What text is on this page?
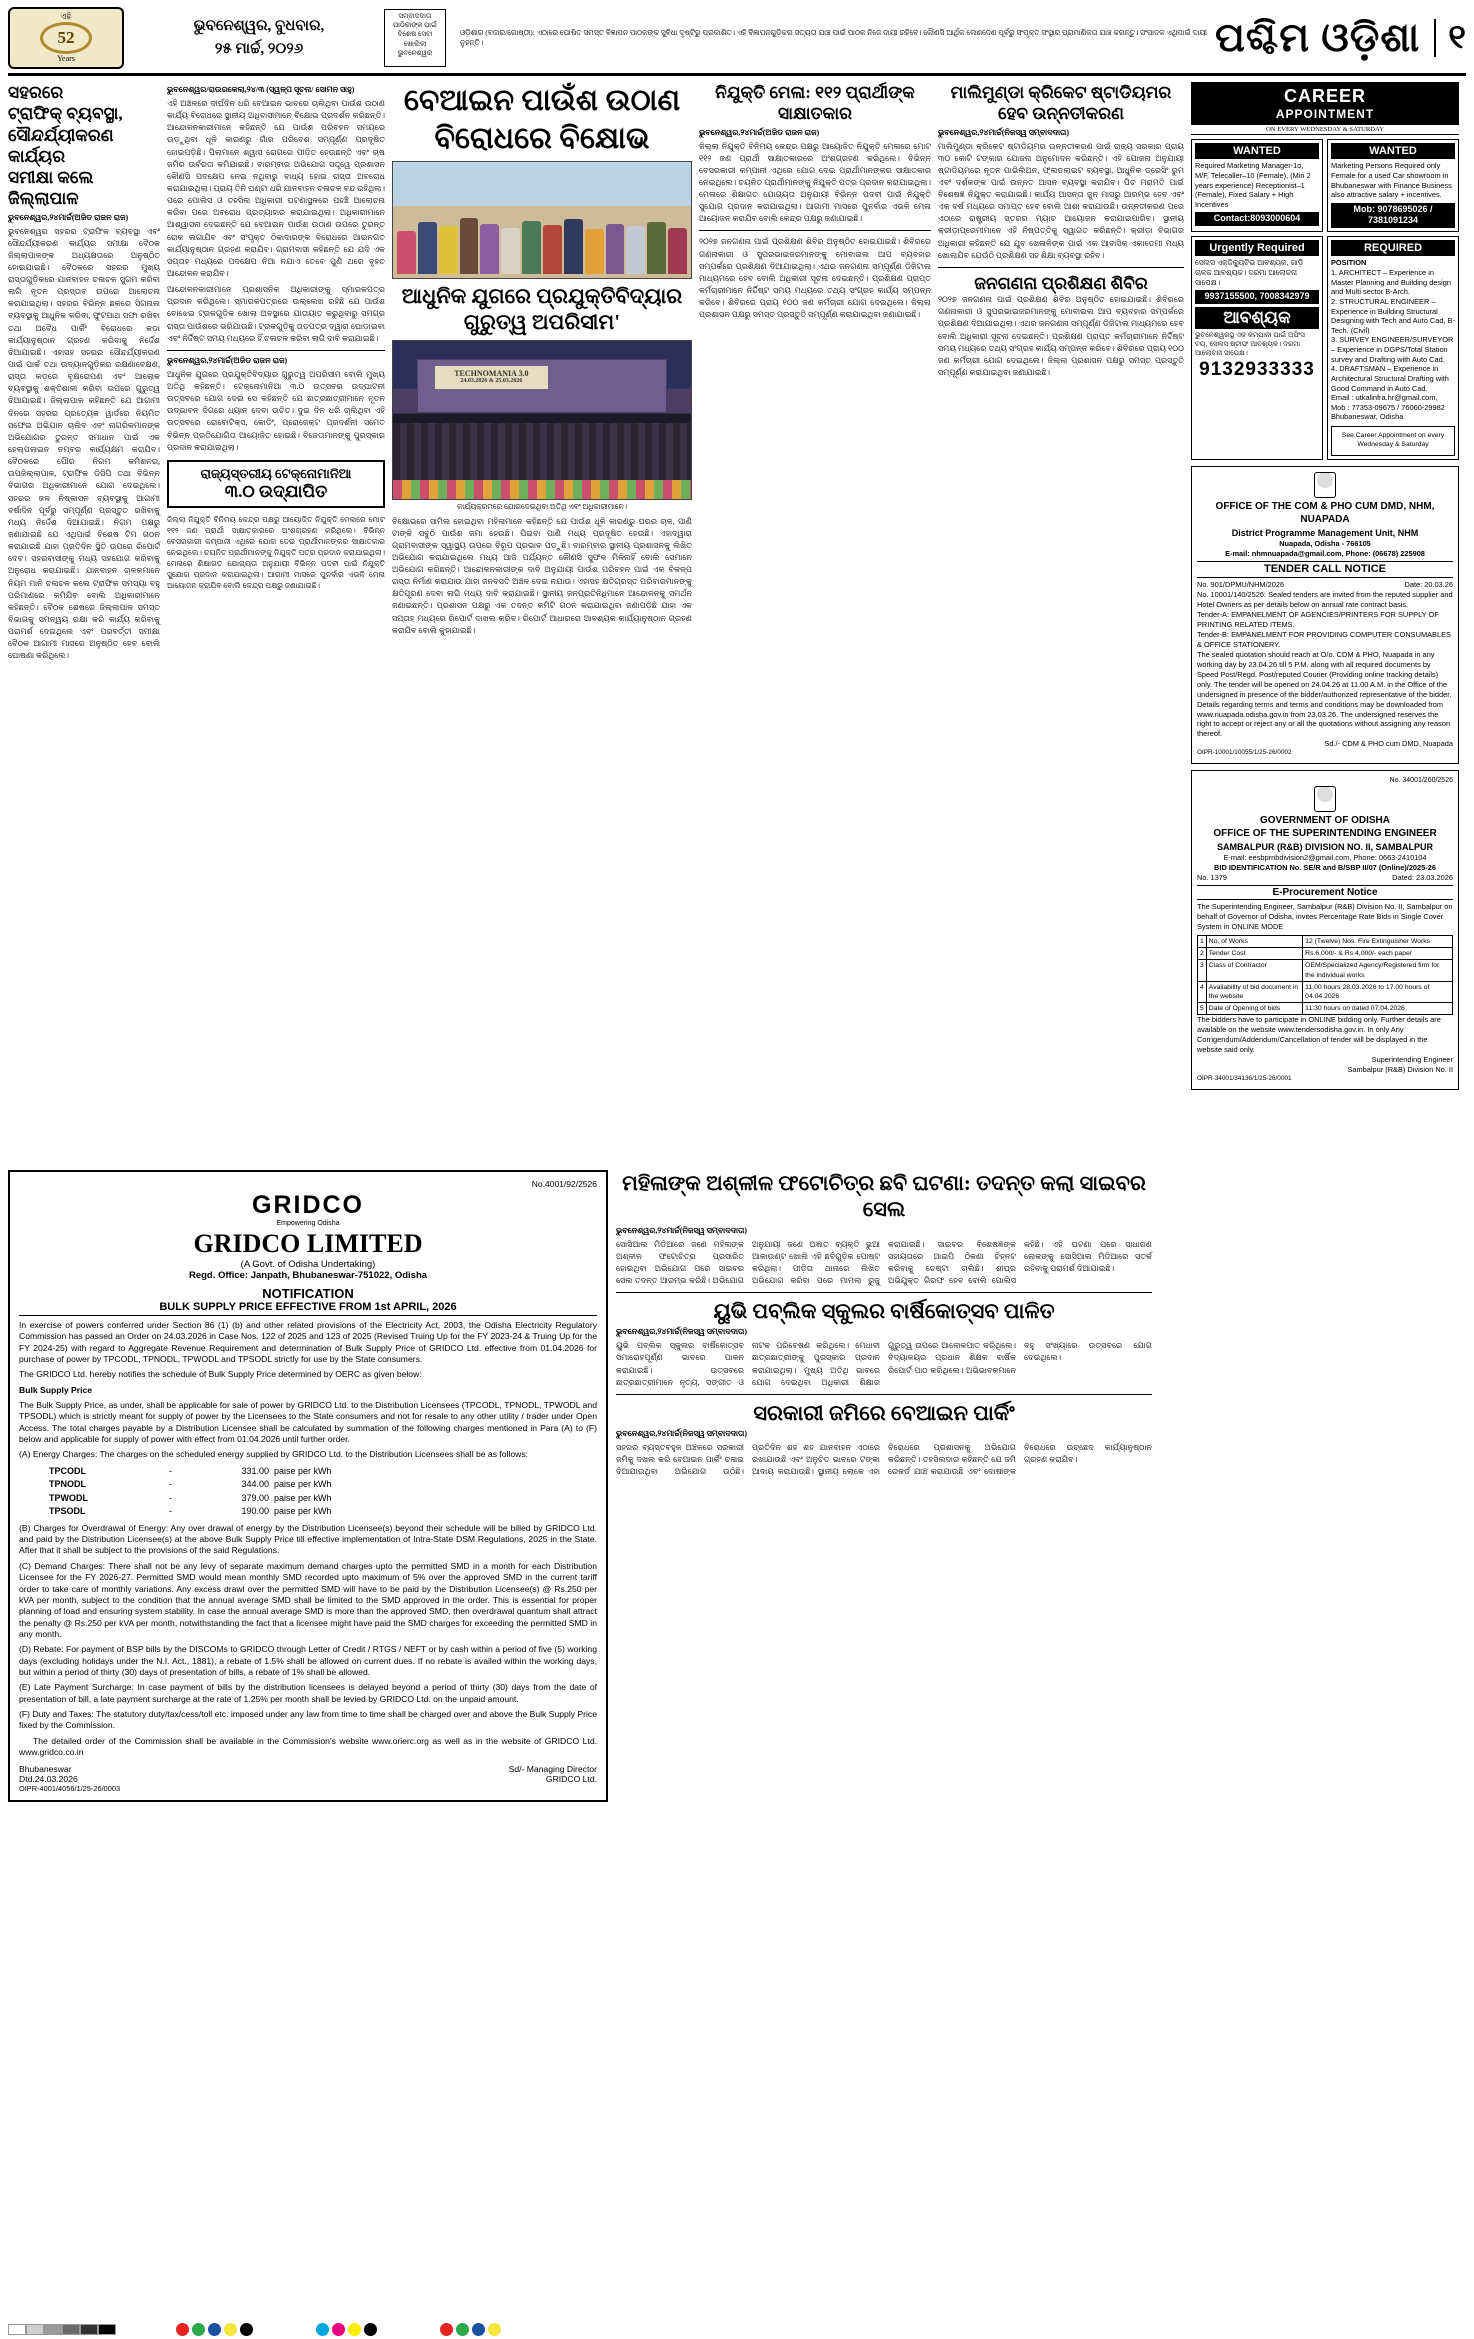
ଏହି
52
Years
ଭୁବନେଶ୍ୱର, ବୁଧବାର,
୨୫ ମାର୍ଚ୍ଚ, ୨୦୨୬
ସମ୍ବାଦଦାତା ପାଠିକାଙ୍କ ପାଇଁ ବିଶେଷ ସେବା ଖୋଲିଲା ଭୁବନେଶ୍ୱର
ଓଡ଼ିଶାର (ବଜାର/ଗୋଷ୍ଠୀ): ଏଠାରେ ଘୋଷିତ ସମସ୍ତ ବିଜ୍ଞାପନ ପାଠକଙ୍କ ସୁବିଧା ଦୃଷ୍ଟିରୁ ପ୍ରକାଶିତ। ଏହି ବିଜ୍ଞାପନଗୁଡ଼ିକର ସତ୍ୟତା ଯାଞ୍ଚ ପାଇଁ ପାଠକ ନିଜେ ଦାୟୀ ରହିବେ। କୌଣସି ଆର୍ଥିକ ଲେଣଦେଣ ପୂର୍ବରୁ ସଂପୃକ୍ତ ସଂସ୍ଥାର ପ୍ରାମାଣିକତା ଯାଞ୍ଚ କରନ୍ତୁ। ସଂପାଦକ ଏଥିପାଇଁ ଦାୟୀ ନୁହନ୍ତି।	ପଶ୍ଚିମ ଓଡ଼ିଶା ୧
ସହରରେ
ଟ୍ରାଫିକ୍ ବ୍ୟବସ୍ଥା,
ସୌନ୍ଦର୍ଯ୍ୟୀକରଣ କାର୍ଯ୍ୟର
ସମୀକ୍ଷା କଲେ ଜିଲ୍ଲାପାଳ
ଭୁବନେଶ୍ୱର,୨୪ମାର୍ଚ୍ଚ(ଅଜିଡ ରାଜନ ରାଜ)
ଭୁବନେଶ୍ୱର ସହରର ଟ୍ରାଫିକ ବ୍ୟବସ୍ଥା ଏବଂ ସୌନ୍ଦର୍ଯ୍ୟୀକରଣ କାର୍ଯ୍ୟର ସମୀକ୍ଷା ବୈଠକ ଜିଲ୍ଲାପାଳଙ୍କ ଅଧ୍ୟକ୍ଷତାରେ ଅନୁଷ୍ଠିତ ହୋଇଯାଇଛି। ବୈଠକରେ ସହରର ମୁଖ୍ୟ ରାସ୍ତାଗୁଡ଼ିକରେ ଯାନବାହନ ଚଳାଚଳ ସୁଗମ କରିବା ଲାଗି ନୂତନ ପ୍ରସ୍ତାବ ଉପରେ ଆଲୋଚନା କରାଯାଇଥିଲା। ସହରର ବିଭିନ୍ନ ଛକରେ ସିଗନାଲ ବ୍ୟବସ୍ଥାକୁ ଆଧୁନିକ କରିବା, ଫୁଟପାଥ ସଫା ରଖିବା ତଥା ଅବୈଧ ପାର୍କିଂ ବିରୋଧରେ କଡ଼ା କାର୍ଯ୍ୟାନୁଷ୍ଠାନ ଗ୍ରହଣ କରିବାକୁ ନିର୍ଦ୍ଦେଶ ଦିଆଯାଇଛି। ଏହାସହ ସହରର ସୌନ୍ଦର୍ଯ୍ୟୀକରଣ ପାଇଁ ପାର୍କ ତଥା ଉଦ୍ୟାନଗୁଡ଼ିକର ରକ୍ଷଣାବେକ୍ଷଣ, ରାସ୍ତା କଡ଼ରେ ବୃକ୍ଷରୋପଣ ଏବଂ ଆଲୋକ ବ୍ୟବସ୍ଥାକୁ ଶକ୍ତିଶାଳୀ କରିବା ଉପରେ ଗୁରୁତ୍ୱ ଦିଆଯାଇଛି। ଜିଲ୍ଲାପାଳ କହିଛନ୍ତି ଯେ ଆଗାମୀ ଦିନରେ ସହରର ପ୍ରତ୍ୟେକ ୱାର୍ଡରେ ନିୟମିତ ସଫେଇ ଅଭିଯାନ ଚାଲିବ ଏବଂ ନାଗରିକମାନଙ୍କ ଅଭିଯୋଗର ତୁରନ୍ତ ସମାଧାନ ପାଇଁ ଏକ ହେଲ୍ପଲାଇନ ନମ୍ବର କାର୍ଯ୍ୟକ୍ଷମ କରାଯିବ। ବୈଠକରେ ପୌର ନିଗମ କମିଶନର, ଉପଜିଲ୍ଲାପାଳ, ଟ୍ରାଫିକ ଡିସିପି ତଥା ବିଭିନ୍ନ ବିଭାଗର ଅଧିକାରୀମାନେ ଯୋଗ ଦେଇଥିଲେ। ସହରର ଜଳ ନିଷ୍କାସନ ବ୍ୟବସ୍ଥାକୁ ଆଗାମୀ ବର୍ଷାଦିନ ପୂର୍ବରୁ ସମ୍ପୂର୍ଣ୍ଣ ପ୍ରସ୍ତୁତ ରଖିବାକୁ ମଧ୍ୟ ନିର୍ଦ୍ଦେଶ ଦିଆଯାଇଛି। ନିଗମ ପକ୍ଷରୁ ଜଣାଯାଇଛି ଯେ ଏଥିପାଇଁ ବିଶେଷ ଟିମ ଗଠନ କରାଯାଇଛି ଯାହା ପ୍ରତିଦିନ ସ୍ଥିତି ଉପରେ ରିପୋର୍ଟ ଦେବ। ସହରବାସୀଙ୍କୁ ମଧ୍ୟ ସହଯୋଗ କରିବାକୁ ଅନୁରୋଧ କରାଯାଇଛି। ଯାନବାହନ ଚାଳକମାନେ ନିୟମ ମାନି ଚଳାଚଳ କଲେ ଟ୍ରାଫିକ ସମସ୍ୟା ବହୁ ପରିମାଣରେ କମିଯିବ ବୋଲି ଅଧିକାରୀମାନେ କହିଛନ୍ତି। ବୈଠକ ଶେଷରେ ଜିଲ୍ଲାପାଳ ସମସ୍ତ ବିଭାଗକୁ ସମନ୍ୱୟ ରକ୍ଷା କରି କାର୍ଯ୍ୟ କରିବାକୁ ପରାମର୍ଶ ଦେଇଥିଲେ ଏବଂ ପରବର୍ତ୍ତୀ ସମୀକ୍ଷା ବୈଠକ ଆଗାମୀ ମାସରେ ଅନୁଷ୍ଠିତ ହେବ ବୋଲି ଘୋଷଣା କରିଥିଲେ।
ଭୁବନେଶ୍ୱର/ରାଉରକେଲା,୨୪/୩ (ସ୍ୱଳ୍ପ ସୂଚନା/ ସୋମନ ସାହୁ)
ଏହି ଅଞ୍ଚଳରେ ଦୀର୍ଘଦିନ ଧରି ବେଆଇନ ଭାବରେ ଚାଲିଥିବା ପାଉଁଶ ଉଠାଣ କାର୍ଯ୍ୟ ବିରୋଧରେ ସ୍ଥାନୀୟ ଅଧିବାସୀମାନେ ବିକ୍ଷୋଭ ପ୍ରଦର୍ଶନ କରିଛନ୍ତି। ଆନ୍ଦୋଳନକାରୀମାନେ କହିଛନ୍ତି ଯେ ପାଉଁଶ ପରିବହନ ସମୟରେ ଉଡ଼ୁଥିବା ଧୂଳି କାରଣରୁ ଗାଁର ପରିବେଶ ସମ୍ପୂର୍ଣ୍ଣ ପ୍ରଦୂଷିତ ହୋଇପଡ଼ିଛି। ପିଲାମାନେ ଶ୍ୱାସ ରୋଗରେ ପୀଡ଼ିତ ହେଉଛନ୍ତି ଏବଂ ଚାଷ ଜମିର ଉର୍ବରତା କମିଯାଇଛି। ବାରମ୍ବାର ଅଭିଯୋଗ ସତ୍ତ୍ୱେ ପ୍ରଶାସନ କୌଣସି ପଦକ୍ଷେପ ନେଇ ନଥିବାରୁ ବାଧ୍ୟ ହୋଇ ରାସ୍ତା ଅବରୋଧ କରାଯାଇଥିଲା। ପ୍ରାୟ ତିନି ଘଣ୍ଟା ଧରି ଯାନବାହନ ଚଳାଚଳ ବନ୍ଦ ରହିଥିଲା। ପରେ ପୋଲିସ ଓ ତହସିଲ ଅଧିକାରୀ ଘଟଣାସ୍ଥଳରେ ପହଞ୍ଚି ଆଲୋଚନା କରିବା ପରେ ଅବରୋଧ ପ୍ରତ୍ୟାହାର କରାଯାଇଥିଲା। ଅଧିକାରୀମାନେ ଆଶ୍ୱାସନା ଦେଇଛନ୍ତି ଯେ ବେଆଇନ ପାଉଁଶ ଉଠାଣ ଉପରେ ତୁରନ୍ତ ରୋକ ଲଗାଯିବ ଏବଂ ସଂପୃକ୍ତ ଠିକାଦାରଙ୍କ ବିରୋଧରେ ଆଇନଗତ କାର୍ଯ୍ୟାନୁଷ୍ଠାନ ଗ୍ରହଣ କରାଯିବ। ଗ୍ରାମବାସୀ କହିଛନ୍ତି ଯେ ଯଦି ଏକ ସପ୍ତାହ ମଧ୍ୟରେ ପଦକ୍ଷେପ ନିଆ ନଯାଏ ତେବେ ପୁଣି ଥରେ ବୃହତ ଆନ୍ଦୋଳନ କରାଯିବ।
ଆନ୍ଦୋଳନକାରୀମାନେ ପ୍ରଶାସନିକ ଅଧିକାରୀଙ୍କୁ ସ୍ମାରକପତ୍ର ପ୍ରଦାନ କରିଥିଲେ। ସ୍ମାରକପତ୍ରରେ ଉଲ୍ଲେଖ ରହିଛି ଯେ ପାଉଁଶ ବୋଝେଇ ଟ୍ରକଗୁଡ଼ିକ ଖୋଲା ଅବସ୍ଥାରେ ଯାତାୟାତ କରୁଥିବାରୁ ସମଗ୍ର ରାସ୍ତା ପାଉଁଶରେ ଭରିଯାଉଛି। ଟ୍ରକଗୁଡ଼ିକୁ ତାଡ଼ପତ୍ର ଦ୍ୱାରା ଘୋଡ଼ାଇବା ଏବଂ ନିର୍ଦ୍ଦିଷ୍ଟ ସମୟ ମଧ୍ୟରେ ହିଁ ଚଳାଚଳ କରିବା ଲାଗି ଦାବି କରାଯାଇଛି।
ଭୁବନେଶ୍ୱର,୨୪ମାର୍ଚ୍ଚ(ଅଜିଡ ରାଜନ ରାଜ)
ଆଧୁନିକ ଯୁଗରେ ପ୍ରଯୁକ୍ତିବିଦ୍ୟାର ଗୁରୁତ୍ୱ ଅପରିସୀମ ବୋଲି ମୁଖ୍ୟ ଅତିଥି କହିଛନ୍ତି। ଟେକ୍ନୋମାନିଆ ୩.୦ ଉତ୍ସବର ଉଦ୍‌ଘାଟନୀ ଉତ୍ସବରେ ଯୋଗ ଦେଇ ସେ କହିଛନ୍ତି ଯେ ଛାତ୍ରଛାତ୍ରୀମାନେ ନୂତନ ଉଦ୍ଭାବନ ଦିଗରେ ଧ୍ୟାନ ଦେବା ଉଚିତ। ଦୁଇ ଦିନ ଧରି ଚାଲିଥିବା ଏହି ଉତ୍ସବରେ ରୋବୋଟିକ୍ସ, କୋଡିଂ, ପ୍ରୋଜେକ୍ଟ ପ୍ରଦର୍ଶନୀ ସମେତ ବିଭିନ୍ନ ପ୍ରତିଯୋଗିତା ଆୟୋଜିତ ହୋଇଛି। ବିଜେତାମାନଙ୍କୁ ପୁରସ୍କାର ପ୍ରଦାନ କରାଯାଇଥିଲା।
ରାଜ୍ୟସ୍ତରୀୟ ଟେକ୍ନୋମାନିଆ
୩.୦ ଉଦ୍‌ଯାପିତ
ଜିଲ୍ଲା ନିଯୁକ୍ତି ବିନିମୟ କେନ୍ଦ୍ର ପକ୍ଷରୁ ଆୟୋଜିତ ନିଯୁକ୍ତି ମେଳାରେ ମୋଟ ୧୧୨ ଜଣ ପ୍ରାର୍ଥୀ ସାକ୍ଷାତକାରରେ ଅଂଶଗ୍ରହଣ କରିଥିଲେ। ବିଭିନ୍ନ ବେସରକାରୀ କମ୍ପାନୀ ଏଥିରେ ଯୋଗ ଦେଇ ପ୍ରାର୍ଥୀମାନଙ୍କର ସାକ୍ଷାତକାର ନେଇଥିଲେ। ଚୟନିତ ପ୍ରାର୍ଥୀମାନଙ୍କୁ ନିଯୁକ୍ତି ପତ୍ର ପ୍ରଦାନ କରାଯାଇଥିଲା। ମେଳାରେ ଶିକ୍ଷାଗତ ଯୋଗ୍ୟତା ଅନୁଯାୟୀ ବିଭିନ୍ନ ପଦବୀ ପାଇଁ ନିଯୁକ୍ତି ସୁଯୋଗ ପ୍ରଦାନ କରାଯାଇଥିଲା। ଆଗାମୀ ମାସରେ ପୁନର୍ବାର ଏଭଳି ମେଳା ଆୟୋଜନ କରାଯିବ ବୋଲି କେନ୍ଦ୍ର ପକ୍ଷରୁ ଜଣାଯାଇଛି।
ବେଆଇନ ପାଉଁଶ ଉଠାଣ ବିରୋଧରେ ବିକ୍ଷୋଭ
ଆଧୁନିକ ଯୁଗରେ ପ୍ରଯୁକ୍ତିବିଦ୍ୟାର ଗୁରୁତ୍ୱ ଅପରିସୀମ'
TECHNOMANIA 3.0
24.03.2026 & 25.03.2026
କାର୍ଯ୍ୟକ୍ରମରେ ଯୋଗଦେଇଥିବା ଅତିଥି ଏବଂ ଅଧିକାରୀମାନେ।
ବିକ୍ଷୋଭରେ ସାମିଲ ହୋଇଥିବା ମହିଳାମାନେ କହିଛନ୍ତି ଯେ ପାଉଁଶ ଧୂଳି କାରଣରୁ ଘରର ଚାଳ, ପାଣି ଟାଙ୍କି ସବୁଠି ପାଉଁଶ ଜମା ହେଉଛି। ପିଇବା ପାଣି ମଧ୍ୟ ପ୍ରଦୂଷିତ ହେଉଛି। ଏହାଦ୍ୱାରା ଗ୍ରାମବାସୀଙ୍କ ସ୍ୱାସ୍ଥ୍ୟ ଉପରେ ବିରୂପ ପ୍ରଭାବ ପଡ଼ୁଛି। ବାରମ୍ବାର ସ୍ଥାନୀୟ ପ୍ରଶାସନକୁ ଲିଖିତ ଅଭିଯୋଗ କରାଯାଇଥିଲେ ମଧ୍ୟ ଆଜି ପର୍ଯ୍ୟନ୍ତ କୌଣସି ସୁଫଳ ମିଳିନାହିଁ ବୋଲି ସେମାନେ ଅଭିଯୋଗ କରିଛନ୍ତି। ଆନ୍ଦୋଳନକାରୀଙ୍କ ଦାବି ଅନୁଯାୟୀ ପାଉଁଶ ପରିବହନ ପାଇଁ ଏକ ବିକଳ୍ପ ରାସ୍ତା ନିର୍ମାଣ କରାଯାଉ ଯାହା ଜନବସତି ଅଞ୍ଚଳ ଦେଇ ନଯାଉ। ଏହାସହ କ୍ଷତିଗ୍ରସ୍ତ ପରିବାରମାନଙ୍କୁ କ୍ଷତିପୂରଣ ଦେବା ଲାଗି ମଧ୍ୟ ଦାବି କରାଯାଇଛି। ସ୍ଥାନୀୟ ଜନପ୍ରତିନିଧିମାନେ ଆନ୍ଦୋଳନକୁ ସମର୍ଥନ ଜଣାଇଛନ୍ତି। ପ୍ରଶାସନ ପକ୍ଷରୁ ଏକ ତଦନ୍ତ କମିଟି ଗଠନ କରାଯାଇଥିବା ଜଣାପଡ଼ିଛି ଯାହା ଏକ ସପ୍ତାହ ମଧ୍ୟରେ ରିପୋର୍ଟ ଦାଖଲ କରିବ। ରିପୋର୍ଟ ଆଧାରରେ ଆବଶ୍ୟକ କାର୍ଯ୍ୟାନୁଷ୍ଠାନ ଗ୍ରହଣ କରାଯିବ ବୋଲି କୁହାଯାଇଛି।
ନିଯୁକ୍ତି ମେଳା: ୧୧୨ ପ୍ରାର୍ଥୀଙ୍କ ସାକ୍ଷାତକାର
ଭୁବନେଶ୍ୱର,୨୪ମାର୍ଚ୍ଚ(ଅଜିଡ ରାଜନ ରାଜ)
ଜିଲ୍ଲା ନିଯୁକ୍ତି ବିନିମୟ କେନ୍ଦ୍ର ପକ୍ଷରୁ ଆୟୋଜିତ ନିଯୁକ୍ତି ମେଳାରେ ମୋଟ ୧୧୨ ଜଣ ପ୍ରାର୍ଥୀ ସାକ୍ଷାତକାରରେ ଅଂଶଗ୍ରହଣ କରିଥିଲେ। ବିଭିନ୍ନ ବେସରକାରୀ କମ୍ପାନୀ ଏଥିରେ ଯୋଗ ଦେଇ ପ୍ରାର୍ଥୀମାନଙ୍କର ସାକ୍ଷାତକାର ନେଇଥିଲେ। ଚୟନିତ ପ୍ରାର୍ଥୀମାନଙ୍କୁ ନିଯୁକ୍ତି ପତ୍ର ପ୍ରଦାନ କରାଯାଇଥିଲା। ମେଳାରେ ଶିକ୍ଷାଗତ ଯୋଗ୍ୟତା ଅନୁଯାୟୀ ବିଭିନ୍ନ ପଦବୀ ପାଇଁ ନିଯୁକ୍ତି ସୁଯୋଗ ପ୍ରଦାନ କରାଯାଇଥିଲା। ଆଗାମୀ ମାସରେ ପୁନର୍ବାର ଏଭଳି ମେଳା ଆୟୋଜନ କରାଯିବ ବୋଲି କେନ୍ଦ୍ର ପକ୍ଷରୁ ଜଣାଯାଇଛି।
୨୦୨୭ ଜନଗଣନା ପାଇଁ ପ୍ରଶିକ୍ଷଣ ଶିବିର ଅନୁଷ୍ଠିତ ହୋଇଯାଇଛି। ଶିବିରରେ ଗଣନାକାରୀ ଓ ସୁପରଭାଇଜରମାନଙ୍କୁ ମୋବାଇଲ ଆପ ବ୍ୟବହାର ସମ୍ପର୍କରେ ପ୍ରଶିକ୍ଷଣ ଦିଆଯାଇଥିଲା। ଏଥର ଜନଗଣନା ସମ୍ପୂର୍ଣ୍ଣ ଡିଜିଟାଲ ମାଧ୍ୟମରେ ହେବ ବୋଲି ଅଧିକାରୀ ସୂଚନା ଦେଇଛନ୍ତି। ପ୍ରଶିକ୍ଷଣ ପ୍ରାପ୍ତ କର୍ମଚାରୀମାନେ ନିର୍ଦ୍ଦିଷ୍ଟ ସମୟ ମଧ୍ୟରେ ତଥ୍ୟ ସଂଗ୍ରହ କାର୍ଯ୍ୟ ସମ୍ପନ୍ନ କରିବେ। ଶିବିରରେ ପ୍ରାୟ ୧୦୦ ଜଣ କର୍ମଚାରୀ ଯୋଗ ଦେଇଥିଲେ। ଜିଲ୍ଲା ପ୍ରଶାସନ ପକ୍ଷରୁ ସମସ୍ତ ପ୍ରସ୍ତୁତି ସମ୍ପୂର୍ଣ୍ଣ କରାଯାଇଥିବା ଜଣାଯାଇଛି।
ମାଲିମୁଣ୍ଡା କ୍ରିକେଟ ଷ୍ଟାଡିୟମର ହେବ ଉନ୍ନତୀକରଣ
ଭୁବନେଶ୍ୱର,୨୪ମାର୍ଚ୍ଚ(ନିଜସ୍ୱ ସମ୍ବାଦଦାତା)
ମାଲିମୁଣ୍ଡା କ୍ରିକେଟ ଷ୍ଟାଡିୟମର ଉନ୍ନତୀକରଣ ପାଇଁ ରାଜ୍ୟ ସରକାର ପ୍ରାୟ ୩୦ କୋଟି ଟଙ୍କାର ଯୋଜନା ଅନୁମୋଦନ କରିଛନ୍ତି। ଏହି ଯୋଜନା ଅନୁଯାୟୀ ଷ୍ଟାଡିୟମରେ ନୂତନ ପାଭିଲିଅନ, ଫ୍ଲଡଲାଇଟ ବ୍ୟବସ୍ଥା, ଆଧୁନିକ ଡ୍ରେସିଂ ରୁମ ଏବଂ ଦର୍ଶକଙ୍କ ପାଇଁ ଉନ୍ନତ ଆସନ ବ୍ୟବସ୍ଥା କରାଯିବ। ପିଚ ମରାମତି ପାଇଁ ବିଶେଷଜ୍ଞ ନିଯୁକ୍ତ କରାଯାଇଛି। କାର୍ଯ୍ୟ ଆସନ୍ତା ଜୁନ ମାସରୁ ଆରମ୍ଭ ହେବ ଏବଂ ଏକ ବର୍ଷ ମଧ୍ୟରେ ସମାପ୍ତ ହେବ ବୋଲି ଆଶା କରାଯାଉଛି। ଉନ୍ନତୀକରଣ ପରେ ଏଠାରେ ରାଷ୍ଟ୍ରୀୟ ସ୍ତରର ମ୍ୟାଚ ଆୟୋଜନ କରାଯାଇପାରିବ। ସ୍ଥାନୀୟ କ୍ରୀଡ଼ାପ୍ରେମୀମାନେ ଏହି ନିଷ୍ପତ୍ତିକୁ ସ୍ୱାଗତ କରିଛନ୍ତି। କ୍ରୀଡ଼ା ବିଭାଗର ଅଧିକାରୀ କହିଛନ୍ତି ଯେ ଯୁବ ଖେଳାଳିଙ୍କ ପାଇଁ ଏକ ଆବାସିକ ଏକାଡେମୀ ମଧ୍ୟ ଖୋଲାଯିବ ଯେଉଁଠି ପ୍ରଶିକ୍ଷଣ ସହ ଶିକ୍ଷା ବ୍ୟବସ୍ଥା ରହିବ।
ଜନଗଣନା ପ୍ରଶିକ୍ଷଣ ଶିବିର
୨୦୨୭ ଜନଗଣନା ପାଇଁ ପ୍ରଶିକ୍ଷଣ ଶିବିର ଅନୁଷ୍ଠିତ ହୋଇଯାଇଛି। ଶିବିରରେ ଗଣନାକାରୀ ଓ ସୁପରଭାଇଜରମାନଙ୍କୁ ମୋବାଇଲ ଆପ ବ୍ୟବହାର ସମ୍ପର୍କରେ ପ୍ରଶିକ୍ଷଣ ଦିଆଯାଇଥିଲା। ଏଥର ଜନଗଣନା ସମ୍ପୂର୍ଣ୍ଣ ଡିଜିଟାଲ ମାଧ୍ୟମରେ ହେବ ବୋଲି ଅଧିକାରୀ ସୂଚନା ଦେଇଛନ୍ତି। ପ୍ରଶିକ୍ଷଣ ପ୍ରାପ୍ତ କର୍ମଚାରୀମାନେ ନିର୍ଦ୍ଦିଷ୍ଟ ସମୟ ମଧ୍ୟରେ ତଥ୍ୟ ସଂଗ୍ରହ କାର୍ଯ୍ୟ ସମ୍ପନ୍ନ କରିବେ। ଶିବିରରେ ପ୍ରାୟ ୧୦୦ ଜଣ କର୍ମଚାରୀ ଯୋଗ ଦେଇଥିଲେ। ଜିଲ୍ଲା ପ୍ରଶାସନ ପକ୍ଷରୁ ସମସ୍ତ ପ୍ରସ୍ତୁତି ସମ୍ପୂର୍ଣ୍ଣ କରାଯାଇଥିବା ଜଣାଯାଇଛି।
CAREER
APPOINTMENT
ON EVERY WEDNESDAY & SATURDAY
WANTED
Required Marketing Manager-1o, M/F, Telecaller–10 (Female), (Min 2 years experience) Receptionist–1 (Female), Fixed Salary + High Incentives
Contact:8093000604
WANTED
Marketing Persons Required only Female for a used Car showroom in Bhubaneswar with Finance Business also attractive salary + incentives.
Mob: 9078695026 / 7381091234
Urgently Required
ସେଲସ ଏକ୍ଜିକ୍ୟୁଟିଭ ଆବଶ୍ୟକ, ଗାଡ଼ି ଚାଳକ ଆବଶ୍ୟକ। ଦରମା ଆଲୋଚନା ସାପେକ୍ଷ।
9937155500, 7008342979
ଆବଶ୍ୟକ
ଭୁବନେଶ୍ୱରସ୍ଥ ଏକ କମ୍ପାନୀ ପାଇଁ ଅଫିସ ବୟ, ସେଲସ ଷ୍ଟାଫ ଆବଶ୍ୟକ। ଦରମା ଆଲୋଚନା ସାପେକ୍ଷ।
9132933333
REQUIRED
POSITION
1. ARCHITECT – Experience in Master Planning and Building design and Multi sector B-Arch.
2. STRUCTURAL ENGINEER – Experience in Building Structural Designing with Tech and Auto Cad, B-Tech. (Civil)
3. SURVEY ENGINEER/SURVEYOR – Experience in DGPS/Total Station survey and Drafting with Auto Cad.
4. DRAFTSMAN – Experience in Architectural Structural Drafting with Good Command in Auto Cad.
Email : utkalinfra.hr@gmail.com,
Mob : 77353-09675 / 76060-29982
Bhubaneswar, Odisha
See Career Appointment on every Wednesday & Saturday
OFFICE OF THE COM & PHO CUM DMD, NHM, NUAPADA
District Programme Management Unit, NHM
Nuapada, Odisha - 766105
E-mail: nhmnuapada@gmail.com, Phone: (06678) 225908
TENDER CALL NOTICE
No. 901/DPMU/NHM/2026	Date: 20.03.26
No. 10001/140/2526: Sealed tenders are invited from the reputed supplier and Hotel Owners as per details below on annual rate contract basis.
Tender-A: EMPANELMENT OF AGENCIES/PRINTERS FOR SUPPLY OF PRINTING RELATED ITEMS.
Tender-B: EMPANELMENT FOR PROVIDING COMPUTER CONSUMABLES & OFFICE STATIONERY.
The sealed quotation should reach at O/o. CDM & PHO, Nuapada in any working day by 23.04.26 till 5 P.M. along with all required documents by Speed Post/Regd. Post/reputed Courier (Providing online tracking details) only. The tender will be opened on 24.04.26 at 11.00 A.M. in the Office of the undersigned in presence of the bidder/authorized representative of the bidder. Details regarding terms and terms and conditions may be downloaded from www.nuapada.odisha.gov.in from 23.03.26. The undersigned reserves the right to accept or reject any or all the quotations without assigning any reason thereof.
Sd./- CDM & PHO cum DMD, Nuapada
OIPR-10001/10055/1/25-26/0002
No. 34001/260/2526
GOVERNMENT OF ODISHA
OFFICE OF THE SUPERINTENDING ENGINEER
SAMBALPUR (R&B) DIVISION NO. II, SAMBALPUR
E-mail: eesbprnbdivision2@gmail.com, Phone: 0663-2410104
BID IDENTIFICATION No. SE/R and B/SBP II/07 (Online)/2025-26
No. 1379	Dated: 23.03.2026
E-Procurement Notice
The Superintending Engineer, Sambalpur (R&B) Division No. II, Sambalpur on behalf of Governor of Odisha, invites Percentage Rate Bids in Single Cover System in ONLINE MODE
1	No. of Works	12 (Twelve) Nos. Fire Extinguisher Works
2	Tender Cost	Rs.6,000/- & Rs.4,000/- each paper
3	Class of Contractor	OEM/Specialized Agency/Registered firm for the individual works
4	Availability of bid document in the website	11.00 hours 28.03.2026 to 17.00 hours of 04.04.2026
5	Date of Opening of bids	11.30 hours on dated 07.04.2026
The bidders have to participate in ONLINE bidding only. Further details are available on the website www.tendersodisha.gov.in. In only Any Corrigendum/Addendum/Cancellation of tender will be displayed in the website said only.
Superintending Engineer
Sambalpur (R&B) Division No. II
OIPR-34001/34136/1/25-26/0001
No.4001/92/2526
GRIDCO
Empowering Odisha
GRIDCO LIMITED
(A Govt. of Odisha Undertaking)
Regd. Office: Janpath, Bhubaneswar-751022, Odisha
NOTIFICATION
BULK SUPPLY PRICE EFFECTIVE FROM 1st APRIL, 2026

In exercise of powers conferred under Section 86 (1) (b) and other related provisions of the Electricity Act, 2003, the Odisha Electricity Regulatory Commission has passed an Order on 24.03.2026 in Case Nos. 122 of 2025 and 123 of 2025 (Revised Truing Up for the FY 2023-24 & Truing Up for the FY 2024-25) with regard to Aggregate Revenue Requirement and determination of Bulk Supply Price of GRIDCO Ltd. effective from 01.04.2026 for purchase of power by TPCODL, TPNODL, TPWODL and TPSODL strictly for use by the State consumers.

The GRIDCO Ltd. hereby notifies the schedule of Bulk Supply Price determined by OERC as given below:

Bulk Supply Price

The Bulk Supply Price, as under, shall be applicable for sale of power by GRIDCO Ltd. to the Distribution Licensees (TPCODL, TPNODL, TPWODL and TPSODL) which is strictly meant for supply of power by the Licensees to the State consumers and not for resale to any other utility / trader under Open Access. The total charges payable by a Distribution Licensee shall be calculated by summation of the following charges mentioned in Para (A) to (F) below and applicable for supply of power with effect from 01.04.2026 until further order.

(A) Energy Charges: The charges on the scheduled energy supplied by GRIDCO Ltd. to the Distribution Licensees shall be as follows:

TPCODL	-	331.00 paise per kWh
TPNODL	-	344.00 paise per kWh
TPWODL	-	379.00 paise per kWh
TPSODL	-	190.00 paise per kWh

(B) Charges for Overdrawal of Energy: Any over drawal of energy by the Distribution Licensee(s) beyond their schedule will be billed by GRIDCO Ltd. and paid by the Distribution Licensee(s) at the above Bulk Supply Price till effective implementation of Intra-State DSM Regulations, 2025 in the State. After that it shall be subject to the provisions of the said Regulations.

(C) Demand Charges: There shall not be any levy of separate maximum demand charges upto the permitted SMD in a month for each Distribution Licensee for the FY 2026-27. Permitted SMD would mean monthly SMD recorded upto maximum of 5% over the approved SMD in the current tariff order to take care of monthly variations. Any excess drawl over the permitted SMD will have to be paid by the Distribution Licensee(s) @ Rs.250 per kVA per month, subject to the condition that the annual average SMD shall be limited to the SMD approved in the order. This is essential for proper planning of load and ensuring system stability. In case the annual average SMD is more than the approved SMD, then overdrawal quantum shall attract the penalty @ Rs.250 per kVA per month, notwithstanding the fact that a licensee might have paid the SMD charges for exceeding the permitted SMD in any month.

(D) Rebate: For payment of BSP bills by the DISCOMs to GRIDCO through Letter of Credit / RTGS / NEFT or by cash within a period of five (5) working days (excluding holidays under the N.I. Act., 1881), a rebate of 1.5% shall be allowed on current dues. If no rebate is availed within the working days, but within a period of thirty (30) days of presentation of bills, a rebate of 1% shall be allowed.

(E) Late Payment Surcharge: In case payment of bills by the distribution licensees is delayed beyond a period of thirty (30) days from the date of presentation of bill, a late payment surcharge at the rate of 1.25% per month shall be levied by GRIDCO Ltd. on the unpaid amount.

(F) Duty and Taxes: The statutory duty/tax/cess/toll etc. imposed under any law from time to time shall be charged over and above the Bulk Supply Price fixed by the Commission.

The detailed order of the Commission shall be available in the Commission's website www.orierc.org as well as in the website of GRIDCO Ltd. www.gridco.co.in

Bhubaneswar
Dtd.24.03.2026
OIPR-4001/4056/1/25-26/0003
Sd/- Managing Director
GRIDCO Ltd.
ମହିଳାଙ୍କ ଅଶ୍ଳୀଳ ଫଟୋଚିତ୍ର ଛବି ଘଟଣା: ତଦନ୍ତ କଲା ସାଇବର ସେଲ
ଭୁବନେଶ୍ୱର,୨୪ମାର୍ଚ୍ଚ(ନିଜସ୍ୱ ସମ୍ବାଦଦାତା)
ସୋସିଆଲ ମିଡିଆରେ ଜଣେ ମହିଳାଙ୍କ ଅଶ୍ଳୀଳ ଫଟୋଚିତ୍ର ପ୍ରସାରିତ ହୋଇଥିବା ଅଭିଯୋଗ ପରେ ସାଇବର ସେଲ ତଦନ୍ତ ଆରମ୍ଭ କରିଛି। ଅଭିଯୋଗ ଅନୁଯାୟୀ ଜଣେ ଅଜ୍ଞାତ ବ୍ୟକ୍ତି ଭୁଆ ଆକାଉଣ୍ଟ ଖୋଲି ଏହି ଛବିଗୁଡ଼ିକ ପୋଷ୍ଟ କରିଥିଲା। ପୀଡ଼ିତା ଥାନାରେ ଲିଖିତ ଅଭିଯୋଗ କରିବା ପରେ ମାମଲା ରୁଜୁ କରାଯାଇଛି। ସାଇବର ବିଶେଷଜ୍ଞଙ୍କ ସହାୟତାରେ ଆଇପି ଠିକଣା ଚିହ୍ନଟ କରିବାକୁ ଚେଷ୍ଟା ଚାଲିଛି। ଶୀଘ୍ର ଅଭିଯୁକ୍ତ ଗିରଫ ହେବ ବୋଲି ପୋଲିସ କହିଛି। ଏହି ଘଟଣା ପରେ ସାଧାରଣ ଲୋକଙ୍କୁ ସୋସିଆଲ ମିଡିଆରେ ସତର୍କ ରହିବାକୁ ପରାମର୍ଶ ଦିଆଯାଇଛି।
ୟୁଭି ପବ୍ଲିକ ସ୍କୁଲର ବାର୍ଷିକୋତ୍ସବ ପାଳିତ
ଭୁବନେଶ୍ୱର,୨୪ମାର୍ଚ୍ଚ(ନିଜସ୍ୱ ସମ୍ବାଦଦାତା)
ୟୁଭି ପବ୍ଲିକ ସ୍କୁଲର ବାର୍ଷିକୋତ୍ସବ ସମାରୋହପୂର୍ଣ୍ଣ ଭାବରେ ପାଳନ କରାଯାଇଛି। ଉତ୍ସବରେ ଛାତ୍ରଛାତ୍ରୀମାନେ ନୃତ୍ୟ, ସଙ୍ଗୀତ ଓ ନାଟକ ପରିବେଷଣ କରିଥିଲେ। ମେଧାବୀ ଛାତ୍ରଛାତ୍ରୀଙ୍କୁ ପୁରସ୍କାର ପ୍ରଦାନ କରାଯାଇଥିଲା। ମୁଖ୍ୟ ଅତିଥି ଭାବରେ ଯୋଗ ଦେଇଥିବା ଅଧିକାରୀ ଶିକ୍ଷାର ଗୁରୁତ୍ୱ ଉପରେ ଆଲୋକପାତ କରିଥିଲେ। ବିଦ୍ୟାଳୟର ପ୍ରଧାନ ଶିକ୍ଷକ ବାର୍ଷିକ ରିପୋର୍ଟ ପାଠ କରିଥିଲେ। ଅଭିଭାବକମାନେ ବହୁ ସଂଖ୍ୟାରେ ଉତ୍ସବରେ ଯୋଗ ଦେଇଥିଲେ।
ସରକାରୀ ଜମିରେ ବେଆଇନ ପାର୍କିଂ
ଭୁବନେଶ୍ୱର,୨୪ମାର୍ଚ୍ଚ(ନିଜସ୍ୱ ସମ୍ବାଦଦାତା)
ସହରର ବ୍ୟସ୍ତବହୁଳ ଅଞ୍ଚଳରେ ସରକାରୀ ଜମିକୁ ଦଖଲ କରି ବେଆଇନ ପାର୍କିଂ ଚଳାଇ ଦିଆଯାଉଥିବା ଅଭିଯୋଗ ଉଠିଛି। ପ୍ରତିଦିନ ଶହ ଶହ ଯାନବାହନ ଏଠାରେ ରଖାଯାଉଛି ଏବଂ ଅନୁଚିତ ଭାବରେ ଟଙ୍କା ଆଦାୟ କରାଯାଉଛି। ସ୍ଥାନୀୟ ଲୋକେ ଏହା ବିରୋଧରେ ପ୍ରଶାସନକୁ ଅଭିଯୋଗ କରିଛନ୍ତି। ତହସିଲଦାର କହିଛନ୍ତି ଯେ ଜମି ରେକର୍ଡ ଯାଞ୍ଚ କରାଯାଉଛି ଏବଂ ଦୋଷୀଙ୍କ ବିରୋଧରେ ଉଚ୍ଛେଦ କାର୍ଯ୍ୟାନୁଷ୍ଠାନ ଗ୍ରହଣ କରାଯିବ।
